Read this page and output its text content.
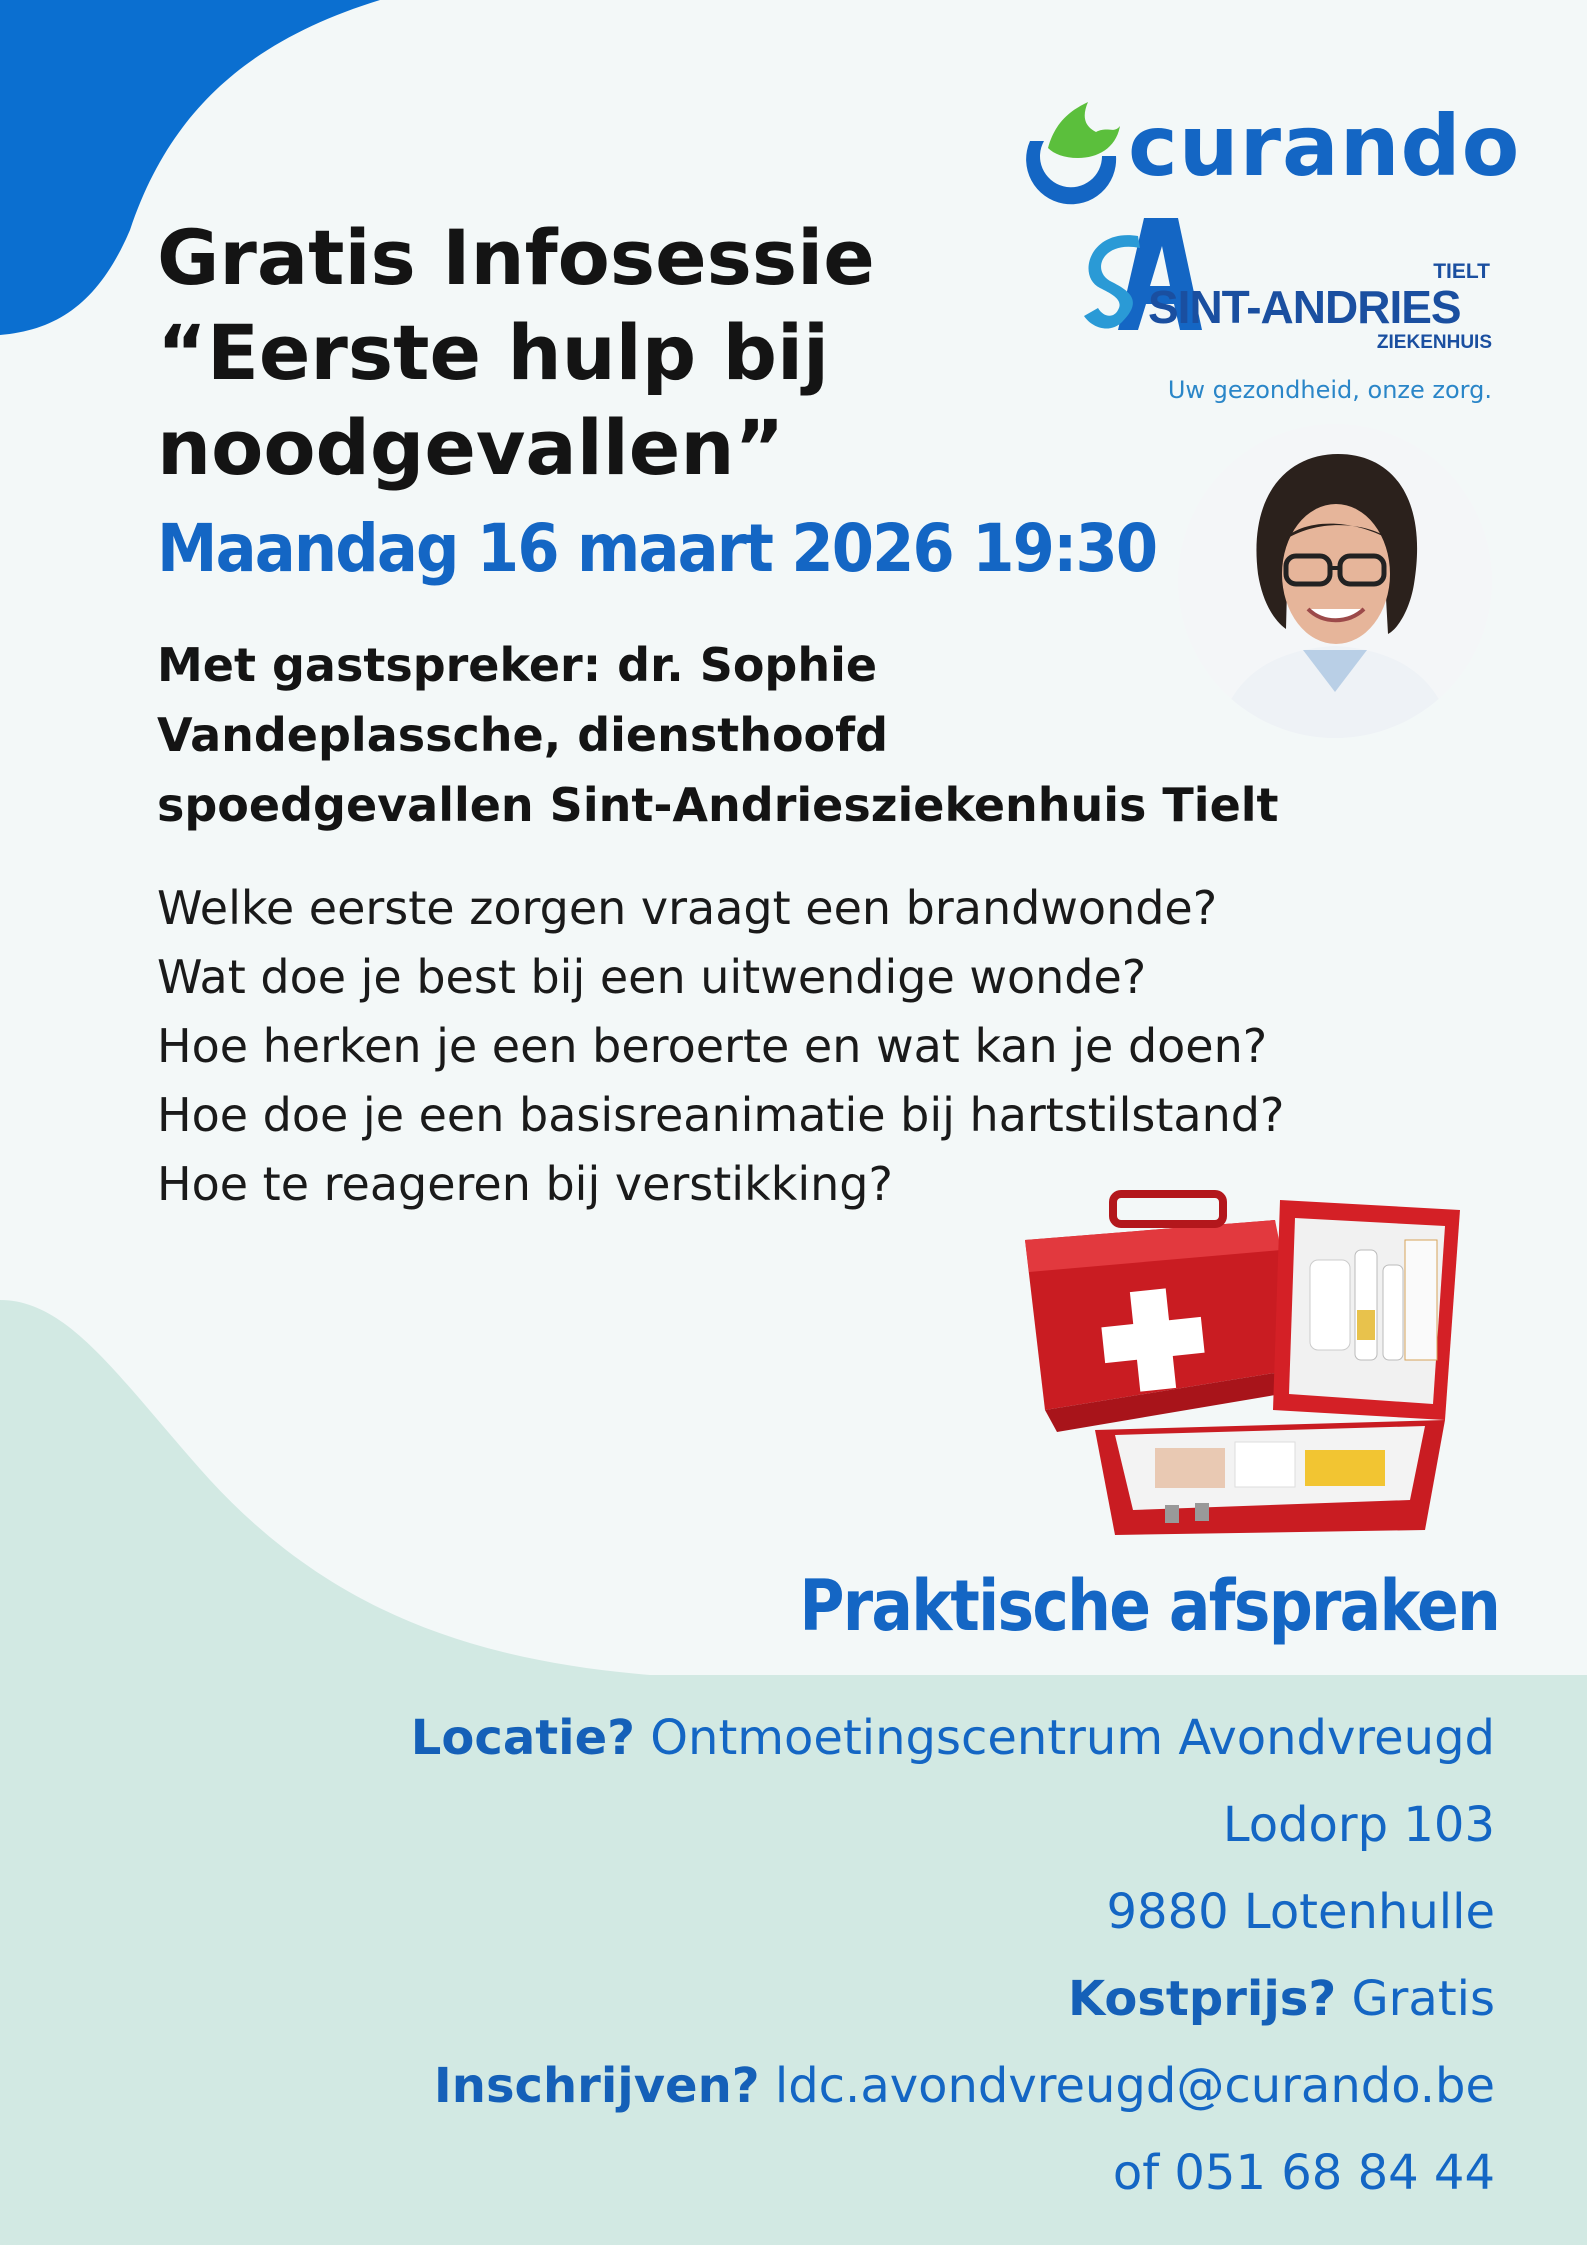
curando
TIELT
SINT-ANDRIES
ZIEKENHUIS
Uw gezondheid, onze zorg.
Gratis Infosessie
“Eerste hulp bij
noodgevallen”
Maandag 16 maart 2026 19:30
Met gastspreker: dr. Sophie
Vandeplassche, diensthoofd
spoedgevallen Sint-Andriesziekenhuis Tielt
Welke eerste zorgen vraagt een brandwonde?
Wat doe je best bij een uitwendige wonde?
Hoe herken je een beroerte en wat kan je doen?
Hoe doe je een basisreanimatie bij hartstilstand?
Hoe te reageren bij verstikking?
Praktische afspraken
Locatie? Ontmoetingscentrum Avondvreugd
Lodorp 103
9880 Lotenhulle
Kostprijs? Gratis
Inschrijven? ldc.avondvreugd@curando.be
of 051 68 84 44
